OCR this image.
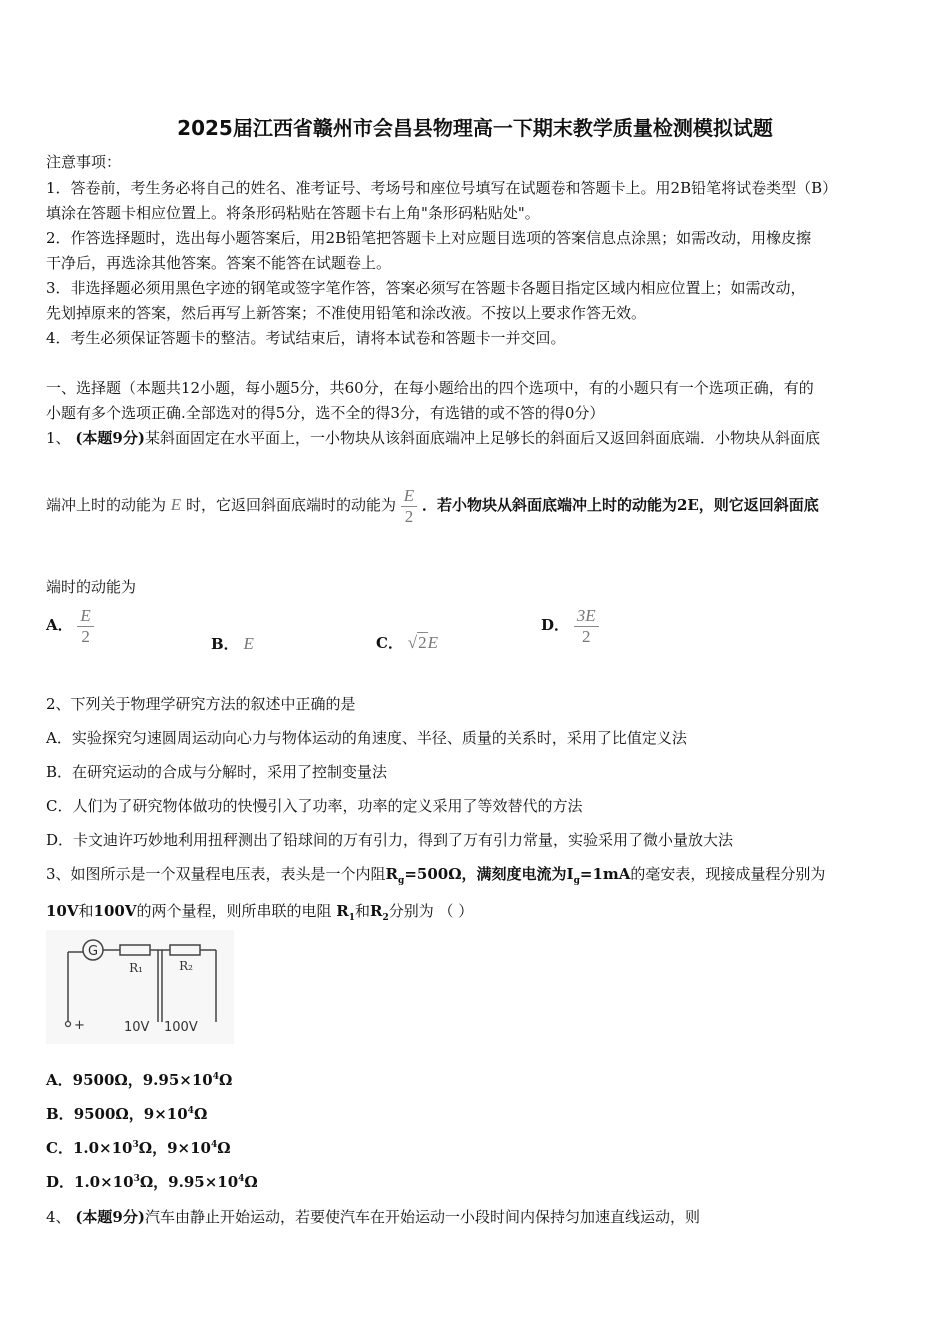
2025届江西省赣州市会昌县物理高一下期末教学质量检测模拟试题
注意事项：
1．答卷前，考生务必将自己的姓名、准考证号、考场号和座位号填写在试题卷和答题卡上。用2B铅笔将试卷类型（B）
填涂在答题卡相应位置上。将条形码粘贴在答题卡右上角"条形码粘贴处"。
2．作答选择题时，选出每小题答案后，用2B铅笔把答题卡上对应题目选项的答案信息点涂黑；如需改动，用橡皮擦
干净后，再选涂其他答案。答案不能答在试题卷上。
3．非选择题必须用黑色字迹的钢笔或签字笔作答，答案必须写在答题卡各题目指定区域内相应位置上；如需改动，
先划掉原来的答案，然后再写上新答案；不准使用铅笔和涂改液。不按以上要求作答无效。
4．考生必须保证答题卡的整洁。考试结束后，请将本试卷和答题卡一并交回。
一、选择题（本题共12小题，每小题5分，共60分，在每小题给出的四个选项中，有的小题只有一个选项正确，有的
小题有多个选项正确.全部选对的得5分，选不全的得3分，有选错的或不答的得0分）
1、 (本题9分)某斜面固定在水平面上，一小物块从该斜面底端冲上足够长的斜面后又返回斜面底端．小物块从斜面底
端冲上时的动能为 E 时，它返回斜面底端时的动能为 $\frac{E}{2}$ ．若小物块从斜面底端冲上时的动能为2E，则它返回斜面底
端时的动能为
A． $\frac{E}{2}$	B． E	C． √2E
D． $\frac{3E}{2}$
2、下列关于物理学研究方法的叙述中正确的是
A．实验探究匀速圆周运动向心力与物体运动的角速度、半径、质量的关系时，采用了比值定义法
B．在研究运动的合成与分解时，采用了控制变量法
C．人们为了研究物体做功的快慢引入了功率，功率的定义采用了等效替代的方法
D．卡文迪许巧妙地利用扭秤测出了铅球间的万有引力，得到了万有引力常量，实验采用了微小量放大法
3、如图所示是一个双量程电压表，表头是一个内阻$R_g=500\Omega$，满刻度电流为$I_g=1mA$的毫安表，现接成量程分别为
10V和100V的两个量程，则所串联的电阻 $R_1$和$R_2$分别为 （ ）
G
R₁	R₂
+	10V 100V
A．9500Ω，$9.95\times 10^4\Omega$
B．9500Ω，$9\times 10^4\Omega$
C．$1.0\times 10^3\Omega$，$9\times 10^4\Omega$
D．$1.0\times 10^3\Omega$，$9.95\times 10^4\Omega$
4、 (本题9分)汽车由静止开始运动，若要使汽车在开始运动一小段时间内保持匀加速直线运动，则
